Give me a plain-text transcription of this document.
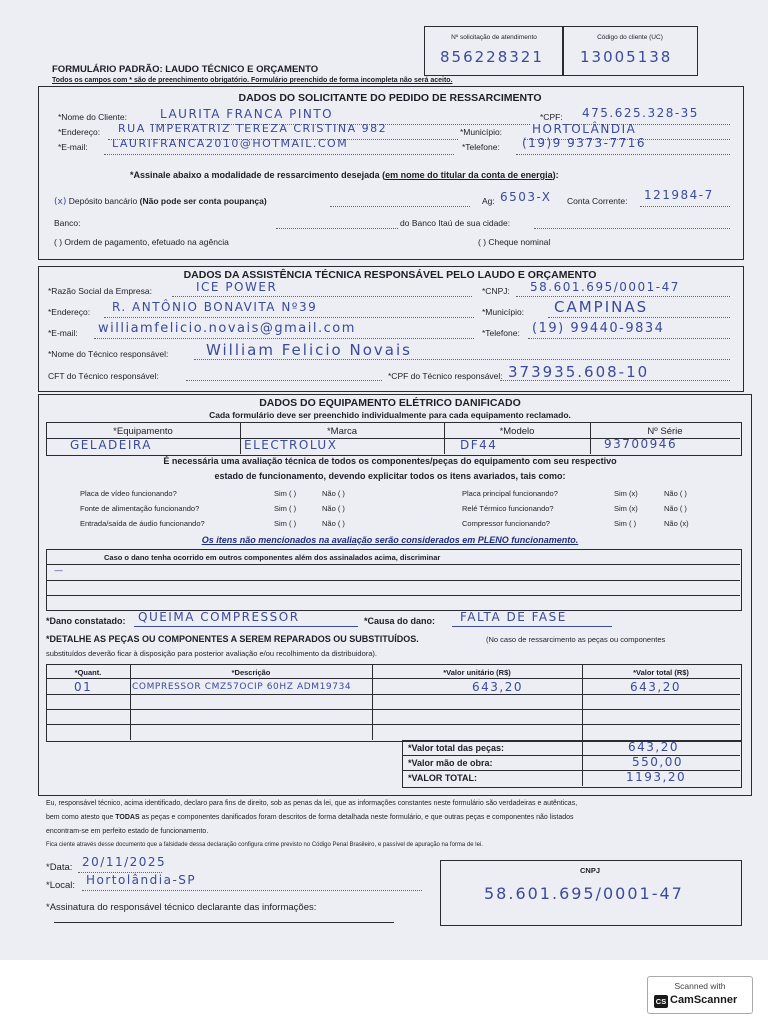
Nº solicitação de atendimento	Código do cliente (UC)
856228321 13005138
FORMULÁRIO PADRÃO: LAUDO TÉCNICO E ORÇAMENTO
Todos os campos com * são de preenchimento obrigatório. Formulário preenchido de forma incompleta não será aceito.
DADOS DO SOLICITANTE DO PEDIDO DE RESSARCIMENTO
*Nome do Cliente:	LAURITA FRANCA PINTO	*CPF: 475.625.328-35
*Endereço: RUA IMPERATRIZ TEREZA CRISTINA 982	*Município: HORTOLÂNDIA
*E-mail: LAURIFRANCA2010@HOTMAIL.COM	*Telefone: (19)9 9373-7716
*Assinale abaixo a modalidade de ressarcimento desejada (em nome do titular da conta de energia):
(x) Depósito bancário (Não pode ser conta poupança)	Ag: 6503-X Conta Corrente: 121984-7
Banco:	do Banco Itaú de sua cidade:
( ) Ordem de pagamento, efetuado na agência	( ) Cheque nominal
DADOS DA ASSISTÊNCIA TÉCNICA RESPONSÁVEL PELO LAUDO E ORÇAMENTO
*Razão Social da Empresa:	ICE POWER	*CNPJ: 58.601.695/0001-47
*Endereço: R. ANTÔNIO BONAVITA Nº39	*Município: CAMPINAS
*E-mail: williamfelicio.novais@gmail.com	*Telefone: (19) 99440-9834
*Nome do Técnico responsável:	William Felicio Novais
CFT do Técnico responsável:	*CPF do Técnico responsável: 373935.608-10
DADOS DO EQUIPAMENTO ELÉTRICO DANIFICADO
Cada formulário deve ser preenchido individualmente para cada equipamento reclamado.
*Equipamento	*Marca	*Modelo	Nº Série
GELADEIRA	ELECTROLUX	DF44	93700946
É necessária uma avaliação técnica de todos os componentes/peças do equipamento com seu respectivo
estado de funcionamento, devendo explicitar todos os itens avariados, tais como:
Placa de vídeo funcionando?	Sim ( )	Não ( )
Fonte de alimentação funcionando?	Sim ( )	Não ( )
Entrada/saída de áudio funcionando?	Sim ( )	Não ( )
Placa principal funcionando?	Sim (x)	Não ( )
Relé Térmico funcionando?	Sim (x)	Não ( )
Compressor funcionando?	Sim ( )	Não (x)
Os itens não mencionados na avaliação serão considerados em PLENO funcionamento.
Caso o dano tenha ocorrido em outros componentes além dos assinalados acima, discriminar
—
*Dano constatado: QUEIMA COMPRESSOR	*Causa do dano: FALTA DE FASE
*DETALHE AS PEÇAS OU COMPONENTES A SEREM REPARADOS OU SUBSTITUÍDOS.	(No caso de ressarcimento as peças ou componentes
substituídos deverão ficar à disposição para posterior avaliação e/ou recolhimento da distribuidora).
*Quant.	*Descrição	*Valor unitário (R$)	*Valor total (R$)
01	COMPRESSOR CMZ57OCIP 60HZ ADM19734	643,20	643,20
*Valor total das peças:	643,20
*Valor mão de obra:	550,00
*VALOR TOTAL:	1193,20
Eu, responsável técnico, acima identificado, declaro para fins de direito, sob as penas da lei, que as informações constantes neste formulário são verdadeiras e autênticas,
bem como atesto que TODAS as peças e componentes danificados foram descritos de forma detalhada neste formulário, e que outras peças e componentes não listados
encontram-se em perfeito estado de funcionamento.
Fica ciente através desse documento que a falsidade dessa declaração configura crime previsto no Código Penal Brasileiro, e passível de apuração na forma de lei.
*Data: 20/11/2025
*Local: Hortolândia-SP
*Assinatura do responsável técnico declarante das informações:
CNPJ
58.601.695/0001-47
Scanned with
CS CamScanner
